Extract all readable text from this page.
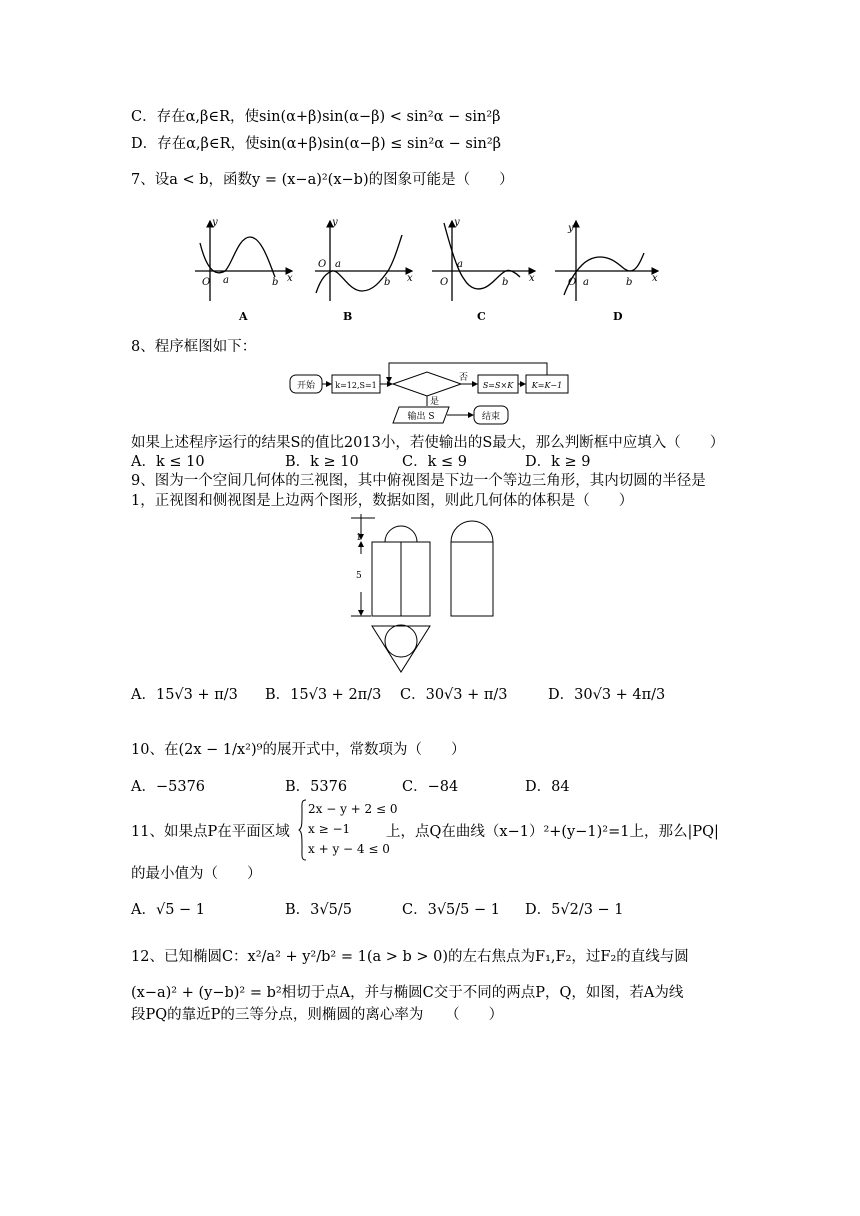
C．存在α,β∈R，使sin(α+β)sin(α−β) < sin²α − sin²β
D．存在α,β∈R，使sin(α+β)sin(α−β) ≤ sin²α − sin²β
7、设a < b，函数y = (x−a)²(x−b)的图象可能是（　　）
y
O a	b x
A
y
O a
b x
B
y
O
a
b x
C
y
O a	b x
D
8、程序框图如下：
开始	k=12,S=1
否
S=S×K K=K−1
是
输出 S	结束
如果上述程序运行的结果S的值比2013小，若使输出的S最大，那么判断框中应填入（　　）
A．k ≤ 10	B．k ≥ 10	C．k ≤ 9	D．k ≥ 9
9、图为一个空间几何体的三视图，其中俯视图是下边一个等边三角形，其内切圆的半径是
1，正视图和侧视图是上边两个图形，数据如图，则此几何体的体积是（　　）
1
5
A．15√3 + π/3 B．15√3 + 2π/3 C．30√3 + π/3	D．30√3 + 4π/3
10、在(2x − 1/x²)⁹的展开式中，常数项为（　　）
A．−5376	B．5376	C．−84	D．84
11、如果点P在平面区域
2x − y + 2 ≤ 0
x ≥ −1
x + y − 4 ≤ 0
上，点Q在曲线（x−1）²+(y−1)²=1上，那么|PQ|
的最小值为（　　）
A．√5 − 1	B．3√5/5	C．3√5/5 − 1 D．5√2/3 − 1
12、已知椭圆C：x²/a² + y²/b² = 1(a > b > 0)的左右焦点为F₁,F₂，过F₂的直线与圆
(x−a)² + (y−b)² = b²相切于点A，并与椭圆C交于不同的两点P，Q，如图，若A为线
段PQ的靠近P的三等分点，则椭圆的离心率为　　（　　）
